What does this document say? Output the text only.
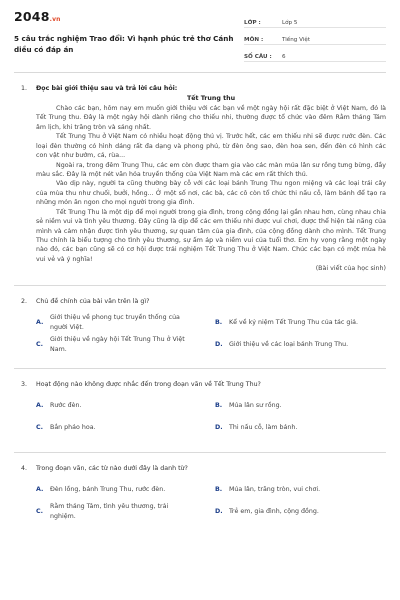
2048.vn
5 câu trắc nghiệm Trao đổi: Vì hạnh phúc trẻ thơ Cánh diều có đáp án
LỚP :	Lớp 5
MÔN :	Tiếng Việt
SỐ CÂU :	6
1.	Đọc bài giới thiệu sau và trả lời câu hỏi:
Tết Trung thu

Chào các bạn, hôm nay em muốn giới thiệu với các bạn về một ngày hội rất đặc biệt ở Việt Nam, đó là Tết Trung thu. Đây là một ngày hội dành riêng cho thiếu nhi, thường được tổ chức vào đêm Rằm tháng Tám âm lịch, khi trăng tròn và sáng nhất.

Tết Trung Thu ở Việt Nam có nhiều hoạt động thú vị. Trước hết, các em thiếu nhi sẽ được rước đèn. Các loại đèn thường có hình dáng rất đa dạng và phong phú, từ đèn ông sao, đèn hoa sen, đến đèn có hình các con vật như bướm, cá, rùa...

Ngoài ra, trong đêm Trung Thu, các em còn được tham gia vào các màn múa lân sư rồng tưng bừng, đầy màu sắc. Đây là một nét văn hóa truyền thống của Việt Nam mà các em rất thích thú.

Vào dịp này, người ta cũng thường bày cỗ với các loại bánh Trung Thu ngon miệng và các loại trái cây của mùa thu như chuối, bưởi, hồng... Ở một số nơi, các bà, các cô còn tổ chức thi nấu cỗ, làm bánh để tạo ra những món ăn ngon cho mọi người trong gia đình.

Tết Trung Thu là một dịp để mọi người trong gia đình, trong cộng đồng lại gần nhau hơn, cùng nhau chia sẻ niềm vui và tình yêu thương. Đây cũng là dịp để các em thiếu nhi được vui chơi, được thể hiện tài năng của mình và cảm nhận được tình yêu thương, sự quan tâm của gia đình, của cộng đồng dành cho mình. Tết Trung Thu chính là biểu tượng cho tình yêu thương, sự ấm áp và niềm vui của tuổi thơ. Em hy vọng rằng một ngày nào đó, các bạn cũng sẽ có cơ hội được trải nghiệm Tết Trung Thu ở Việt Nam. Chúc các bạn có một mùa hè vui vẻ và ý nghĩa!

(Bài viết của học sinh)
2.	Chủ đề chính của bài văn trên là gì?
A.
Giới thiệu về phong tục truyền thống của người Việt.
B.	Kể về kỷ niệm Tết Trung Thu của tác giả.
C.
Giới thiệu về ngày hội Tết Trung Thu ở Việt Nam.
D.	Giới thiệu về các loại bánh Trung Thu.
3.	Hoạt động nào không được nhắc đến trong đoạn văn về Tết Trung Thu?
A.	Rước đèn.	B.	Múa lân sư rồng.
C.	Bắn pháo hoa.	D.	Thi nấu cỗ, làm bánh.
4.	Trong đoạn văn, các từ nào dưới đây là danh từ?
A.	Đèn lồng, bánh Trung Thu, rước đèn.	B.	Múa lân, trăng tròn, vui chơi.
C.
Rằm tháng Tám, tình yêu thương, trải nghiệm.
D.	Trẻ em, gia đình, cộng đồng.
